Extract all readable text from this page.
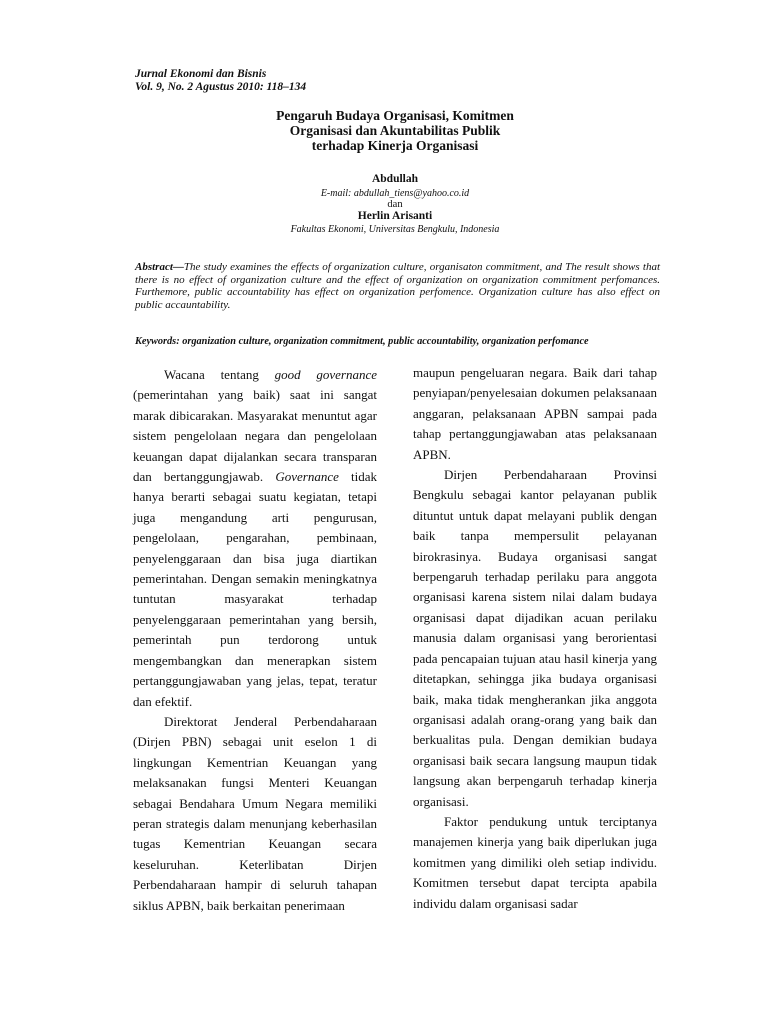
Jurnal Ekonomi dan Bisnis
Vol. 9, No. 2 Agustus 2010: 118–134
Pengaruh Budaya Organisasi, Komitmen
Organisasi dan Akuntabilitas Publik
terhadap Kinerja Organisasi
Abdullah
E-mail: abdullah_tiens@yahoo.co.id
dan
Herlin Arisanti
Fakultas Ekonomi, Universitas Bengkulu, Indonesia
Abstract—The study examines the effects of organization culture, organisaton commitment, and The result shows that there is no effect of organization culture and the effect of organization on organization commitment perfomances. Furthemore, public accountability has effect on organization perfomence. Organization culture has also effect on public accauntability.
Keywords: organization culture, organization commitment, public accountability, organization perfomance

Wacana tentang good governance (pemerintahan yang baik) saat ini sangat marak dibicarakan. Masyarakat menuntut agar sistem pengelolaan negara dan pengelolaan keuangan dapat dijalankan secara transparan dan bertanggungjawab. Governance tidak hanya berarti sebagai suatu kegiatan, tetapi juga mengandung arti pengurusan, pengelolaan, pengarahan, pembinaan, penyelenggaraan dan bisa juga diartikan pemerintahan. Dengan semakin meningkatnya tuntutan masyarakat terhadap penyelenggaraan pemerintahan yang bersih, pemerintah pun terdorong untuk mengembangkan dan menerapkan sistem pertanggungjawaban yang jelas, tepat, teratur dan efektif.

Direktorat Jenderal Perbendaharaan (Dirjen PBN) sebagai unit eselon 1 di lingkungan Kementrian Keuangan yang melaksanakan fungsi Menteri Keuangan sebagai Bendahara Umum Negara memiliki peran strategis dalam menunjang keberhasilan tugas Kementrian Keuangan secara keseluruhan. Keterlibatan Dirjen Perbendaharaan hampir di seluruh tahapan siklus APBN, baik berkaitan penerimaan

maupun pengeluaran negara. Baik dari tahap penyiapan/penyelesaian dokumen pelaksanaan anggaran, pelaksanaan APBN sampai pada tahap pertanggungjawaban atas pelaksanaan APBN.

Dirjen Perbendaharaan Provinsi Bengkulu sebagai kantor pelayanan publik dituntut untuk dapat melayani publik dengan baik tanpa mempersulit pelayanan birokrasinya. Budaya organisasi sangat berpengaruh terhadap perilaku para anggota organisasi karena sistem nilai dalam budaya organisasi dapat dijadikan acuan perilaku manusia dalam organisasi yang berorientasi pada pencapaian tujuan atau hasil kinerja yang ditetapkan, sehingga jika budaya organisasi baik, maka tidak mengherankan jika anggota organisasi adalah orang-orang yang baik dan berkualitas pula. Dengan demikian budaya organisasi baik secara langsung maupun tidak langsung akan berpengaruh terhadap kinerja organisasi.

Faktor pendukung untuk terciptanya manajemen kinerja yang baik diperlukan juga komitmen yang dimiliki oleh setiap individu. Komitmen tersebut dapat tercipta apabila individu dalam organisasi sadar
